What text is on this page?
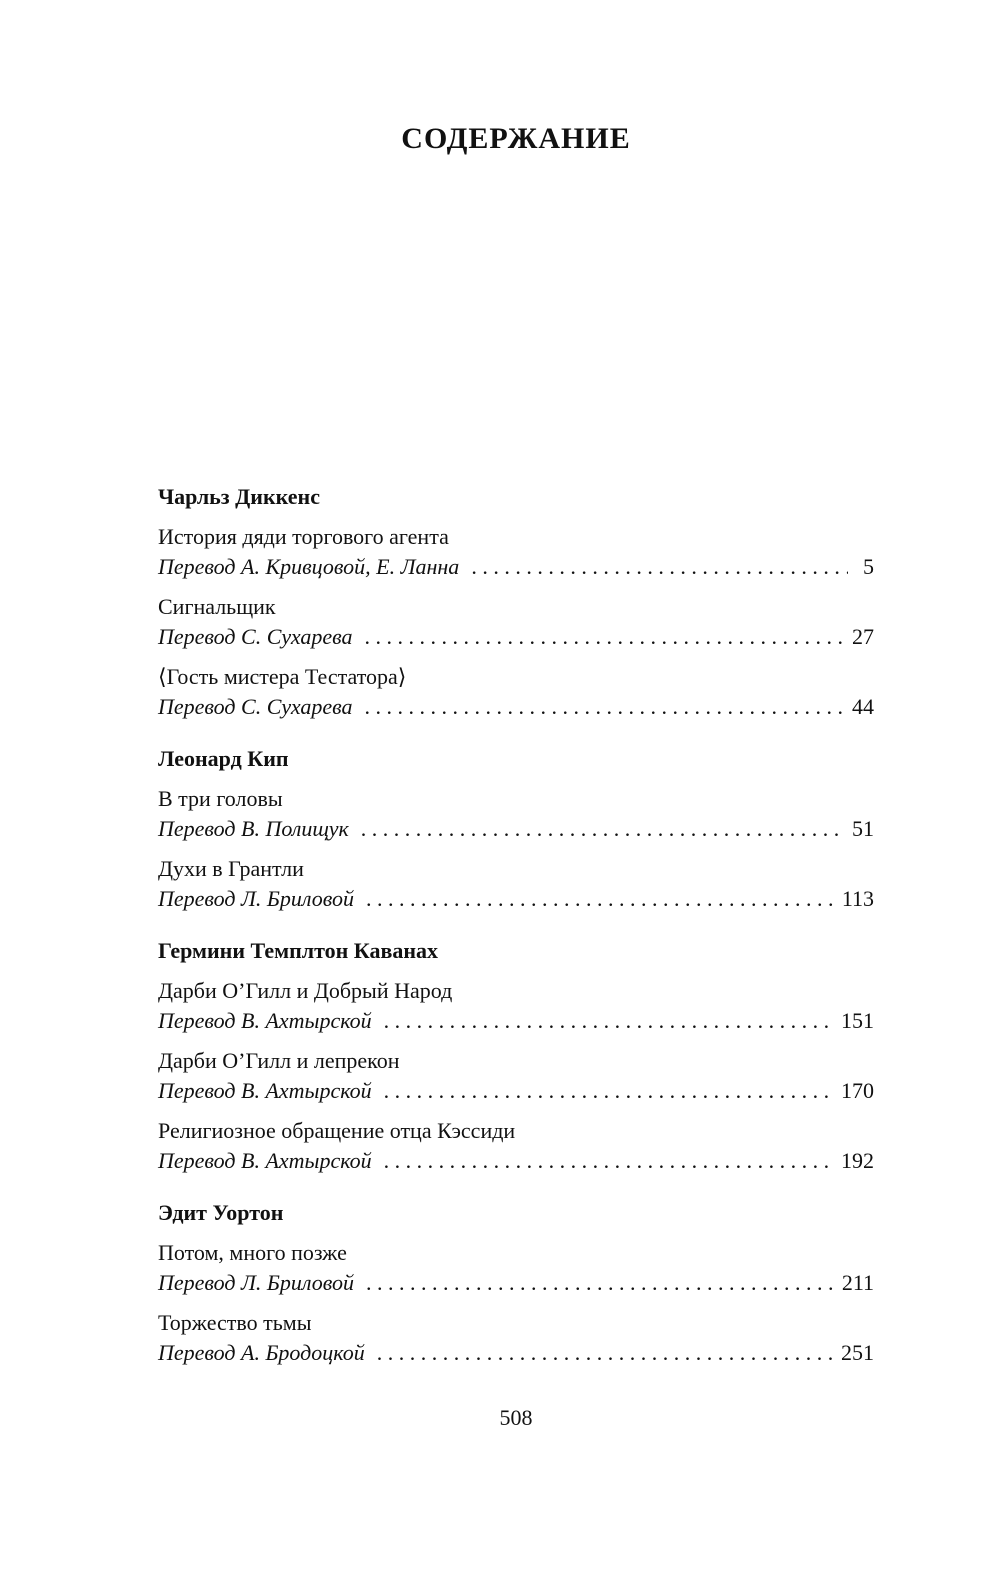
СОДЕРЖАНИЕ
Чарльз Диккенс
История дяди торгового агента
Перевод А. Кривцовой, Е. Ланна . . .	5
Сигнальщик
Перевод С. Сухарева . . .	27
⟨Гость мистера Тестатора⟩
Перевод С. Сухарева . . .	44
Леонард Кип
В три головы
Перевод В. Полищук . . .	51
Духи в Грантли
Перевод Л. Бриловой . . .	113
Гермини Темплтон Каванах
Дарби О’Гилл и Добрый Народ
Перевод В. Ахтырской . . .	151
Дарби О’Гилл и лепрекон
Перевод В. Ахтырской . . .	170
Религиозное обращение отца Кэссиди
Перевод В. Ахтырской . . .	192
Эдит Уортон
Потом, много позже
Перевод Л. Бриловой . . .	211
Торжество тьмы
Перевод А. Бродоцкой . . .	251
508
